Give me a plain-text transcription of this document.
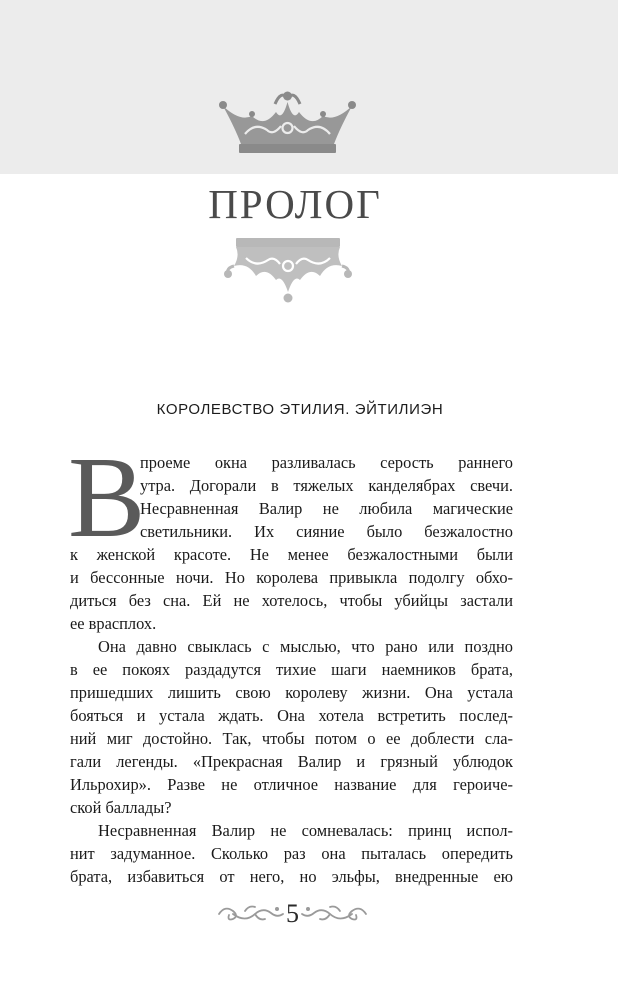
ПРОЛОГ
КОРОЛЕВСТВО ЭТИЛИЯ. ЭЙТИЛИЭН
В
проеме окна разливалась серость раннего
утра. Догорали в тяжелых канделябрах свечи.
Несравненная Валир не любила магические
светильники. Их сияние было безжалостно
к женской красоте. Не менее безжалостными были
и бессонные ночи. Но королева привыкла подолгу обхо-
диться без сна. Ей не хотелось, чтобы убийцы застали
ее врасплох.
Она давно свыклась с мыслью, что рано или поздно
в ее покоях раздадутся тихие шаги наемников брата,
пришедших лишить свою королеву жизни. Она устала
бояться и устала ждать. Она хотела встретить послед-
ний миг достойно. Так, чтобы потом о ее доблести сла-
гали легенды. «Прекрасная Валир и грязный ублюдок
Ильрохир». Разве не отличное название для героиче-
ской баллады?
Несравненная Валир не сомневалась: принц испол-
нит задуманное. Сколько раз она пыталась опередить
брата, избавиться от него, но эльфы, внедренные ею
5
